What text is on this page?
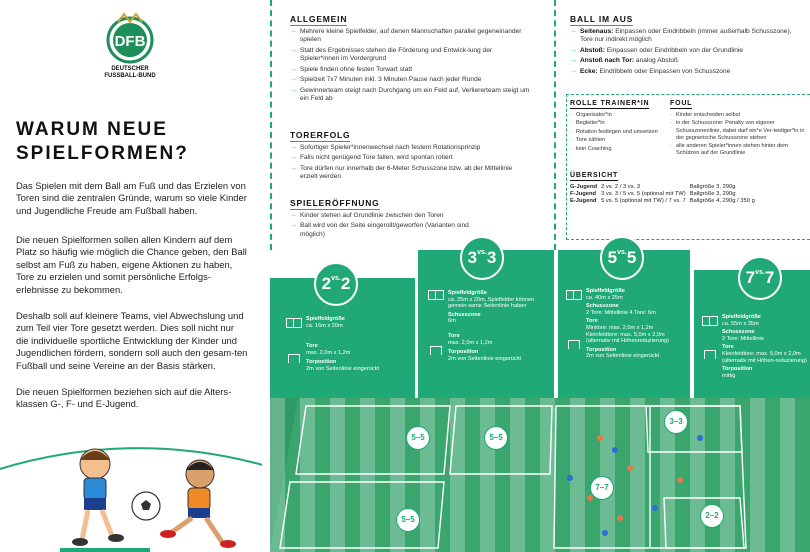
DFB
DEUTSCHER
FUSSBALL-BUND
WARUM NEUE
SPIELFORMEN?

Das Spielen mit dem Ball am Fuß und das Erzielen von Toren sind die zentralen Gründe, warum so viele Kinder und Jugendliche Freude am Fußball haben.

Die neuen Spielformen sollen allen Kindern auf dem Platz so häufig wie möglich die Chance geben, den Ball selbst am Fuß zu haben, eigene Aktionen zu haben, Tore zu erzielen und somit persönliche Erfolgs-erlebnisse zu bekommen.

Deshalb soll auf kleinere Teams, viel Abwechslung und zum Teil vier Tore gesetzt werden. Dies soll nicht nur die individuelle sportliche Entwicklung der Kinder und Jugendlichen fördern, sondern soll auch den gesam-ten Fußball und seine Vereine an der Basis stärken.

Die neuen Spielformen beziehen sich auf die Alters-klassen G-, F- und E-Jugend.

ALLGEMEIN
→ Mehrere kleine Spielfelder, auf denen Mannschaften parallel gegeneinander spielen
→ Statt des Ergebnisses stehen die Förderung und Entwick-lung der Spieler*innen im Vordergrund
→ Spiele finden ohne festen Torwart statt
→ Spielzeit 7x7 Minuten inkl. 3 Minuten Pause nach jeder Runde
→ Gewinnerteam steigt nach Durchgang um ein Feld auf, Verliererteam steigt um ein Feld ab
TORERFOLG
→ Sofortiger Spieler*innenwechsel nach festem Rotationsprinzip
→ Falls nicht genügend Tore fallen, wird spontan rotiert
→ Tore dürfen nur innerhalb der 6-Meter Schusszone bzw. ab der Mittellinie erzielt werden
SPIELERÖFFNUNG
→ Kinder stehen auf Grundlinie zwischen den Toren
→ Ball wird von der Seite eingerollt/geworfen (Varianten sind möglich)
BALL IM AUS
→ Seitenaus: Einpassen oder Eindribbeln (immer außerhalb Schusszone), Tore nur indirekt möglich
→ Abstoß: Einpassen oder Eindribbeln von der Grundlinie
→ Anstoß nach Tor: analog Abstoß
→ Ecke: Eindribbeln oder Einpassen von Schusszone
ROLLE TRAINER*IN
· Organisator*in
· Begleiter*in
· Rotation festlegen und umsetzen
· Tore zählen
· kein Coaching
FOUL
· Kinder entscheiden selbst
· in der Schusszone: Penalty von eigener Schusszonenlinie, dabei darf ein*e Ver-teidiger*in in der gegnerische Schusszone stehen
· alle anderen Spieler*innen stehen hinter dem Schützen auf der Grundlinie
ÜBERSICHT
G-Jugend	2 vs. 2 / 3 vs. 3	Ballgröße 3, 290g
F-Jugend	3 vs. 3 / 5 vs. 5 (optional mit TW)	Ballgröße 3, 290g
E-Jugend	5 vs. 5 (optional mit TW) / 7 vs. 7	Ballgröße 4, 290g / 350 g
$2^{vs.}2$
$3^{vs.}3$	$5^{vs.}5$
$7^{vs.}7$
Spielfeldgröße
ca. 16m x 20m
Tore
max. 2,0m x 1,2m
Torposition
2m von Seitenlinie eingerückt
Spielfeldgröße
ca. 25m x 20m, Spielfelder können gemein-same Seitenlinie haben
Schusszone
6m
Tore
max. 2,0m x 1,2m
Torposition
2m von Seitenlinie eingerückt
Spielfeldgröße
ca. 40m x 25m
Schusszone
2 Tore: Mittellinie 4 Tore: 6m
Tore
Minitore: max. 2,0m x 1,2m Kleinfeldtore: max. 5,0m x 2,0m (alternativ mit Höhenreduzierung)
Torposition
2m von Seitenlinie eingerückt
Spielfeldgröße
ca. 55m x 35m
Schusszone
2 Tore: Mittellinie
Tore
Kleinfeldtore: max. 5,0m x 2,0m (alternativ mit Höhen-reduzierung)
Torposition
mittig
5–5	5–5
3–3
7–7
5–5	2–2
